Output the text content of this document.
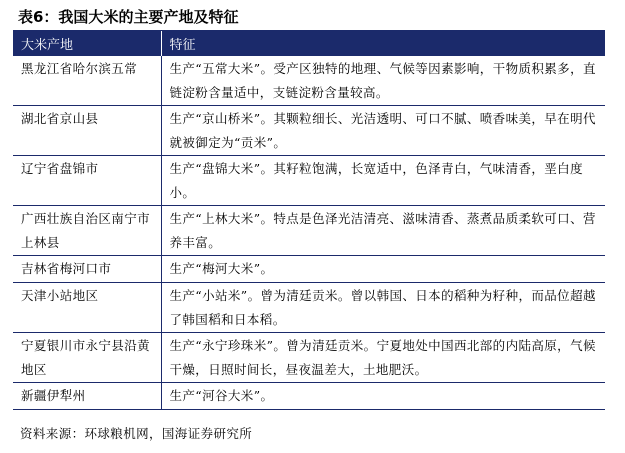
表6：我国大米的主要产地及特征
大米产地	特征
黑龙江省哈尔滨五常	生产“五常大米”。受产区独特的地理、气候等因素影响，干物质积累多，直链淀粉含量适中，支链淀粉含量较高。
湖北省京山县	生产“京山桥米”。其颗粒细长、光洁透明、可口不腻、喷香味美，早在明代就被御定为“贡米”。
辽宁省盘锦市	生产“盘锦大米”。其籽粒饱满，长宽适中，色泽青白，气味清香，垩白度小。
广西壮族自治区南宁市上林县	生产“上林大米”。特点是色泽光洁清亮、滋味清香、蒸煮品质柔软可口、营养丰富。
吉林省梅河口市	生产“梅河大米”。
天津小站地区	生产“小站米”。曾为清廷贡米。曾以韩国、日本的稻种为籽种，而品位超越了韩国稻和日本稻。
宁夏银川市永宁县沿黄地区	生产“永宁珍珠米”。曾为清廷贡米。宁夏地处中国西北部的内陆高原，气候干燥，日照时间长，昼夜温差大，土地肥沃。
新疆伊犁州	生产“河谷大米”。
资料来源：环球粮机网，国海证券研究所
